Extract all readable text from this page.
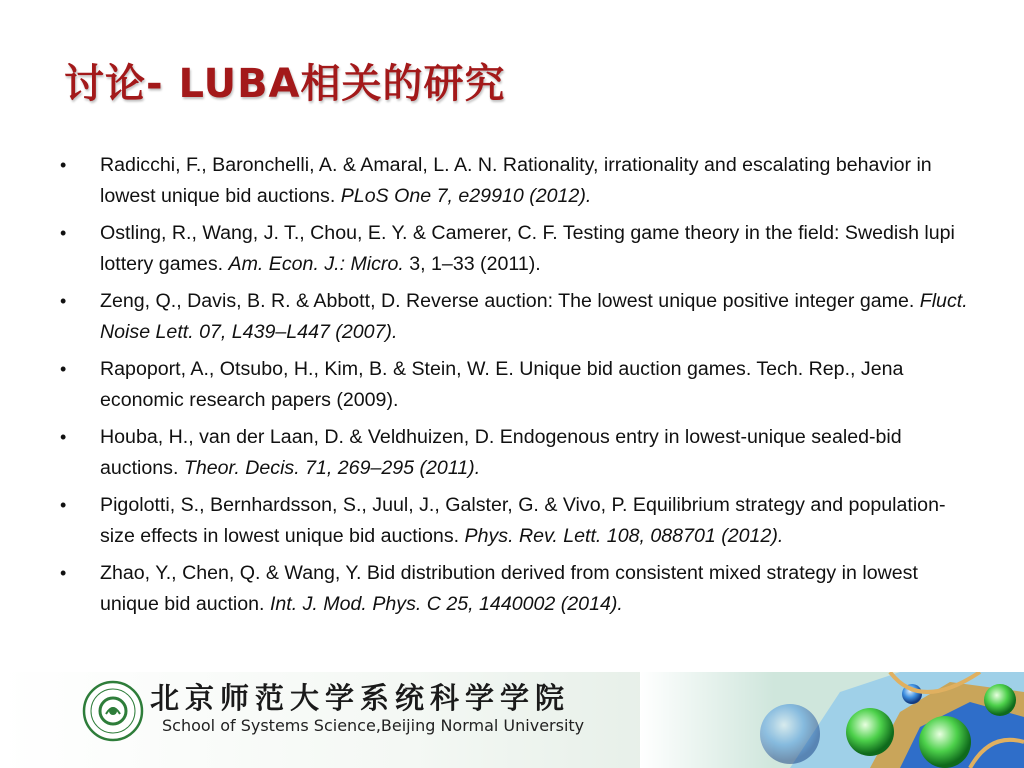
讨论- LUBA相关的研究
• Radicchi, F., Baronchelli, A. & Amaral, L. A. N. Rationality, irrationality and escalating behavior in lowest unique bid auctions. PLoS One 7, e29910 (2012).
• Ostling, R., Wang, J. T., Chou, E. Y. & Camerer, C. F. Testing game theory in the field: Swedish lupi lottery games. Am. Econ. J.: Micro. 3, 1–33 (2011).
• Zeng, Q., Davis, B. R. & Abbott, D. Reverse auction: The lowest unique positive integer game. Fluct. Noise Lett. 07, L439–L447 (2007).
• Rapoport, A., Otsubo, H., Kim, B. & Stein, W. E. Unique bid auction games. Tech. Rep., Jena economic research papers (2009).
• Houba, H., van der Laan, D. & Veldhuizen, D. Endogenous entry in lowest-unique sealed-bid auctions. Theor. Decis. 71, 269–295 (2011).
• Pigolotti, S., Bernhardsson, S., Juul, J., Galster, G. & Vivo, P. Equilibrium strategy and population-size effects in lowest unique bid auctions. Phys. Rev. Lett. 108, 088701 (2012).
• Zhao, Y., Chen, Q. & Wang, Y. Bid distribution derived from consistent mixed strategy in lowest unique bid auction. Int. J. Mod. Phys. C 25, 1440002 (2014).
北京师范大学系统科学学院
School of Systems Science,Beijing Normal University
